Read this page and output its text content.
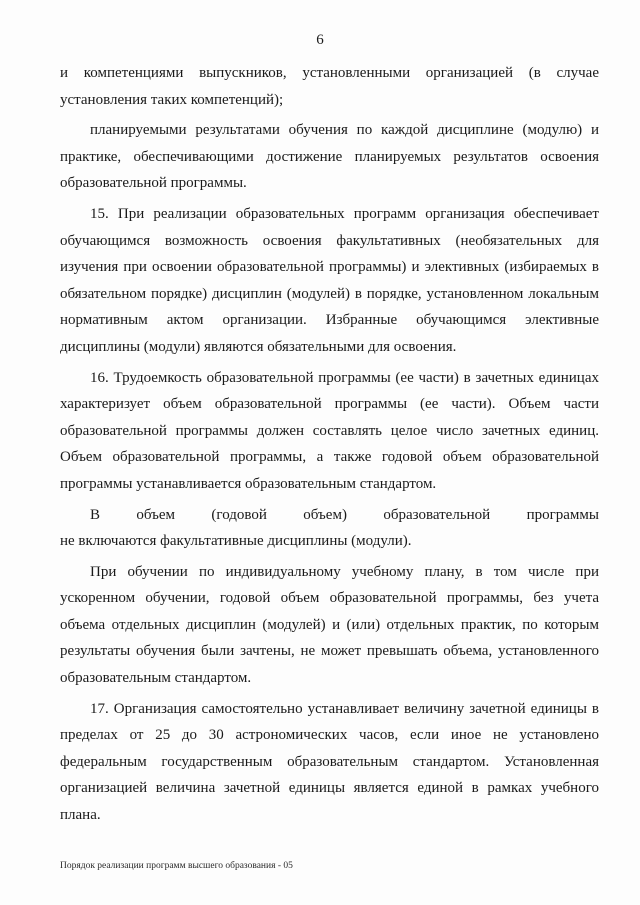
6

и компетенциями выпускников, установленными организацией (в случае установления таких компетенций);

планируемыми результатами обучения по каждой дисциплине (модулю) и практике, обеспечивающими достижение планируемых результатов освоения образовательной программы.

15. При реализации образовательных программ организация обеспечивает обучающимся возможность освоения факультативных (необязательных для изучения при освоении образовательной программы) и элективных (избираемых в обязательном порядке) дисциплин (модулей) в порядке, установленном локальным нормативным актом организации. Избранные обучающимся элективные дисциплины (модули) являются обязательными для освоения.

16. Трудоемкость образовательной программы (ее части) в зачетных единицах характеризует объем образовательной программы (ее части). Объем части образовательной программы должен составлять целое число зачетных единиц. Объем образовательной программы, а также годовой объем образовательной программы устанавливается образовательным стандартом.

В объем (годовой объем) образовательной программы

не включаются факультативные дисциплины (модули).

При обучении по индивидуальному учебному плану, в том числе при ускоренном обучении, годовой объем образовательной программы, без учета объема отдельных дисциплин (модулей) и (или) отдельных практик, по которым результаты обучения были зачтены, не может превышать объема, установленного образовательным стандартом.

17. Организация самостоятельно устанавливает величину зачетной единицы в пределах от 25 до 30 астрономических часов, если иное не установлено федеральным государственным образовательным стандартом. Установленная организацией величина зачетной единицы является единой в рамках учебного плана.

Порядок реализации программ высшего образования - 05
